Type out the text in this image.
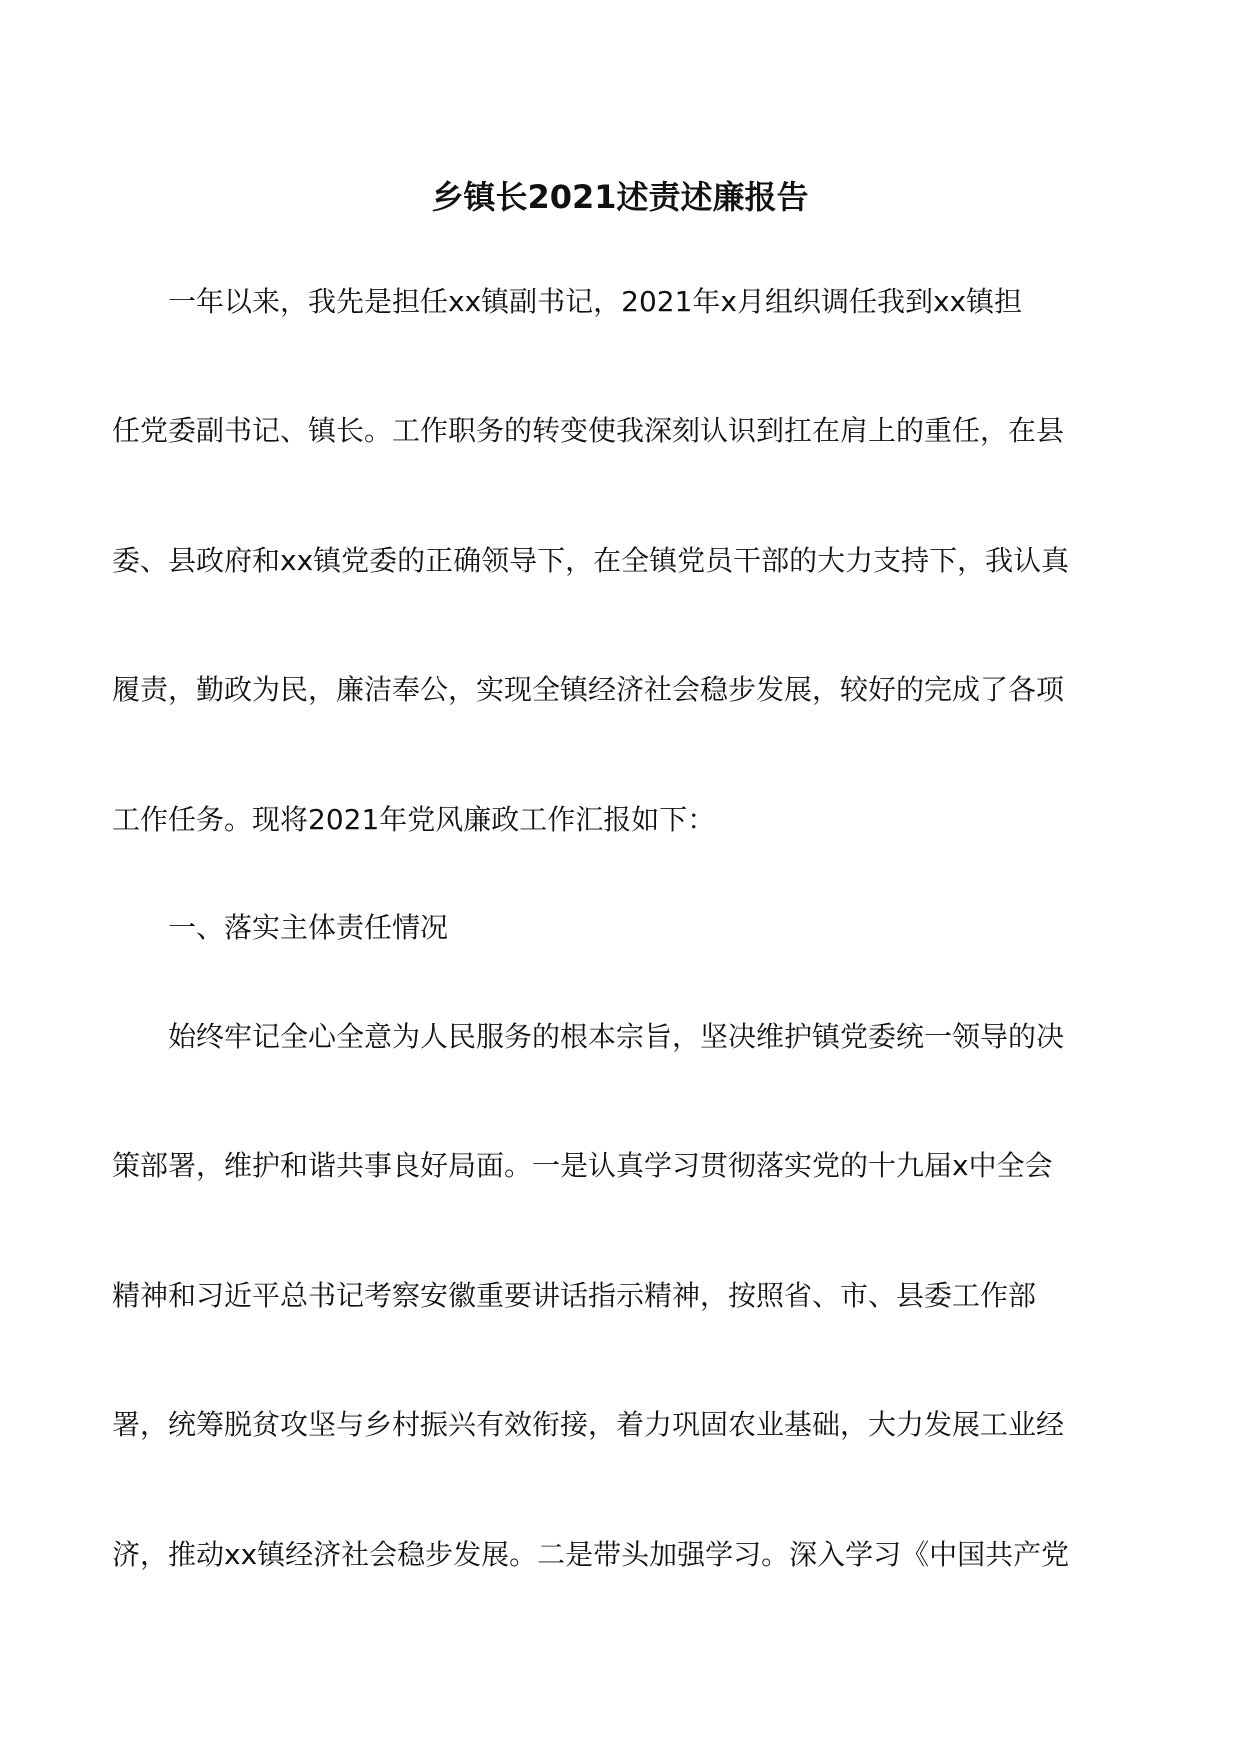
乡镇长2021述责述廉报告

一年以来，我先是担任xx镇副书记，2021年x月组织调任我到xx镇担

任党委副书记、镇长。工作职务的转变使我深刻认识到扛在肩上的重任，在县

委、县政府和xx镇党委的正确领导下，在全镇党员干部的大力支持下，我认真

履责，勤政为民，廉洁奉公，实现全镇经济社会稳步发展，较好的完成了各项

工作任务。现将2021年党风廉政工作汇报如下：

一、落实主体责任情况

始终牢记全心全意为人民服务的根本宗旨，坚决维护镇党委统一领导的决

策部署，维护和谐共事良好局面。一是认真学习贯彻落实党的十九届x中全会

精神和习近平总书记考察安徽重要讲话指示精神，按照省、市、县委工作部

署，统筹脱贫攻坚与乡村振兴有效衔接，着力巩固农业基础，大力发展工业经

济，推动xx镇经济社会稳步发展。二是带头加强学习。深入学习《中国共产党
